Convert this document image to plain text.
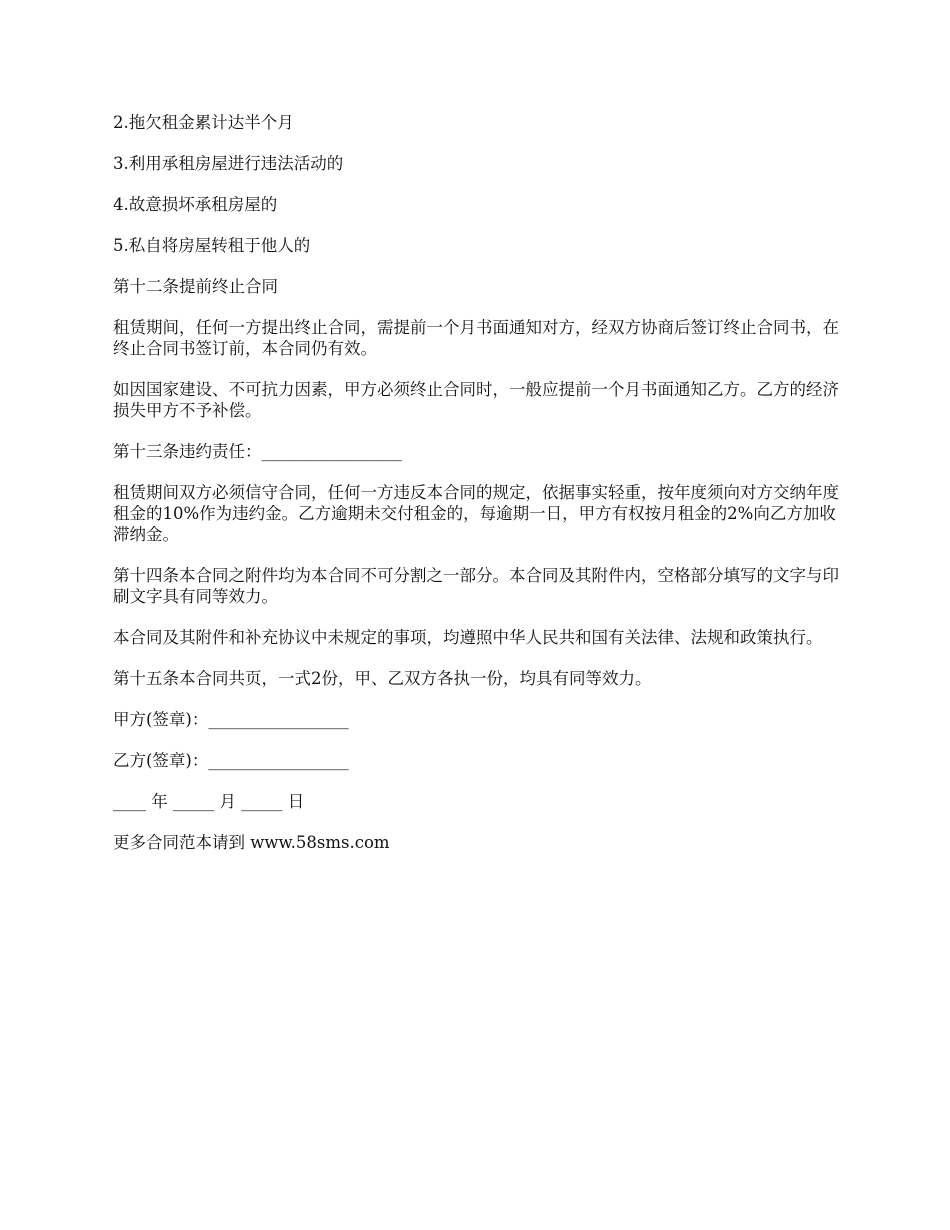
2.拖欠租金累计达半个月

3.利用承租房屋进行违法活动的

4.故意损坏承租房屋的

5.私自将房屋转租于他人的

第十二条提前终止合同

租赁期间，任何一方提出终止合同，需提前一个月书面通知对方，经双方协商后签订终止合同书，在终止合同书签订前，本合同仍有效。

如因国家建设、不可抗力因素，甲方必须终止合同时，一般应提前一个月书面通知乙方。乙方的经济损失甲方不予补偿。

第十三条违约责任：_________________

租赁期间双方必须信守合同，任何一方违反本合同的规定，依据事实轻重，按年度须向对方交纳年度租金的10%作为违约金。乙方逾期未交付租金的，每逾期一日，甲方有权按月租金的2%向乙方加收滞纳金。

第十四条本合同之附件均为本合同不可分割之一部分。本合同及其附件内，空格部分填写的文字与印刷文字具有同等效力。

本合同及其附件和补充协议中未规定的事项，均遵照中华人民共和国有关法律、法规和政策执行。

第十五条本合同共页，一式2份，甲、乙双方各执一份，均具有同等效力。

甲方(签章)：_________________

乙方(签章)：_________________

____ 年 _____ 月 _____ 日

更多合同范本请到 www.58sms.com
